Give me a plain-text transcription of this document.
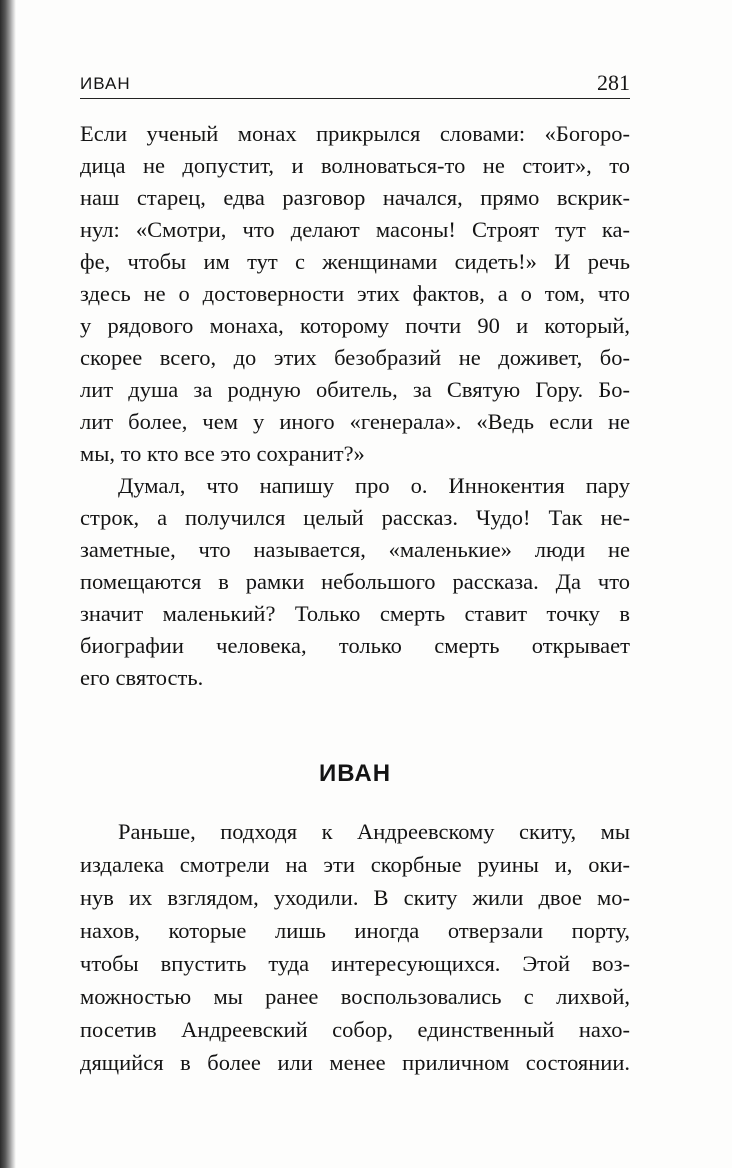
ИВАН	281
Если ученый монах прикрылся словами: «Богоро-
дица не допустит, и волноваться-то не стоит», то
наш старец, едва разговор начался, прямо вскрик-
нул: «Смотри, что делают масоны! Строят тут ка-
фе, чтобы им тут с женщинами сидеть!» И речь
здесь не о достоверности этих фактов, а о том, что
у рядового монаха, которому почти 90 и который,
скорее всего, до этих безобразий не доживет, бо-
лит душа за родную обитель, за Святую Гору. Бо-
лит более, чем у иного «генерала». «Ведь если не
мы, то кто все это сохранит?»
Думал, что напишу про о. Иннокентия пару
строк, а получился целый рассказ. Чудо! Так не-
заметные, что называется, «маленькие» люди не
помещаются в рамки небольшого рассказа. Да что
значит маленький? Только смерть ставит точку в
биографии человека, только смерть открывает
его святость.
ИВАН
Раньше, подходя к Андреевскому скиту, мы
издалека смотрели на эти скорбные руины и, оки-
нув их взглядом, уходили. В скиту жили двое мо-
нахов, которые лишь иногда отверзали порту,
чтобы впустить туда интересующихся. Этой воз-
можностью мы ранее воспользовались с лихвой,
посетив Андреевский собор, единственный нахо-
дящийся в более или менее приличном состоянии.
